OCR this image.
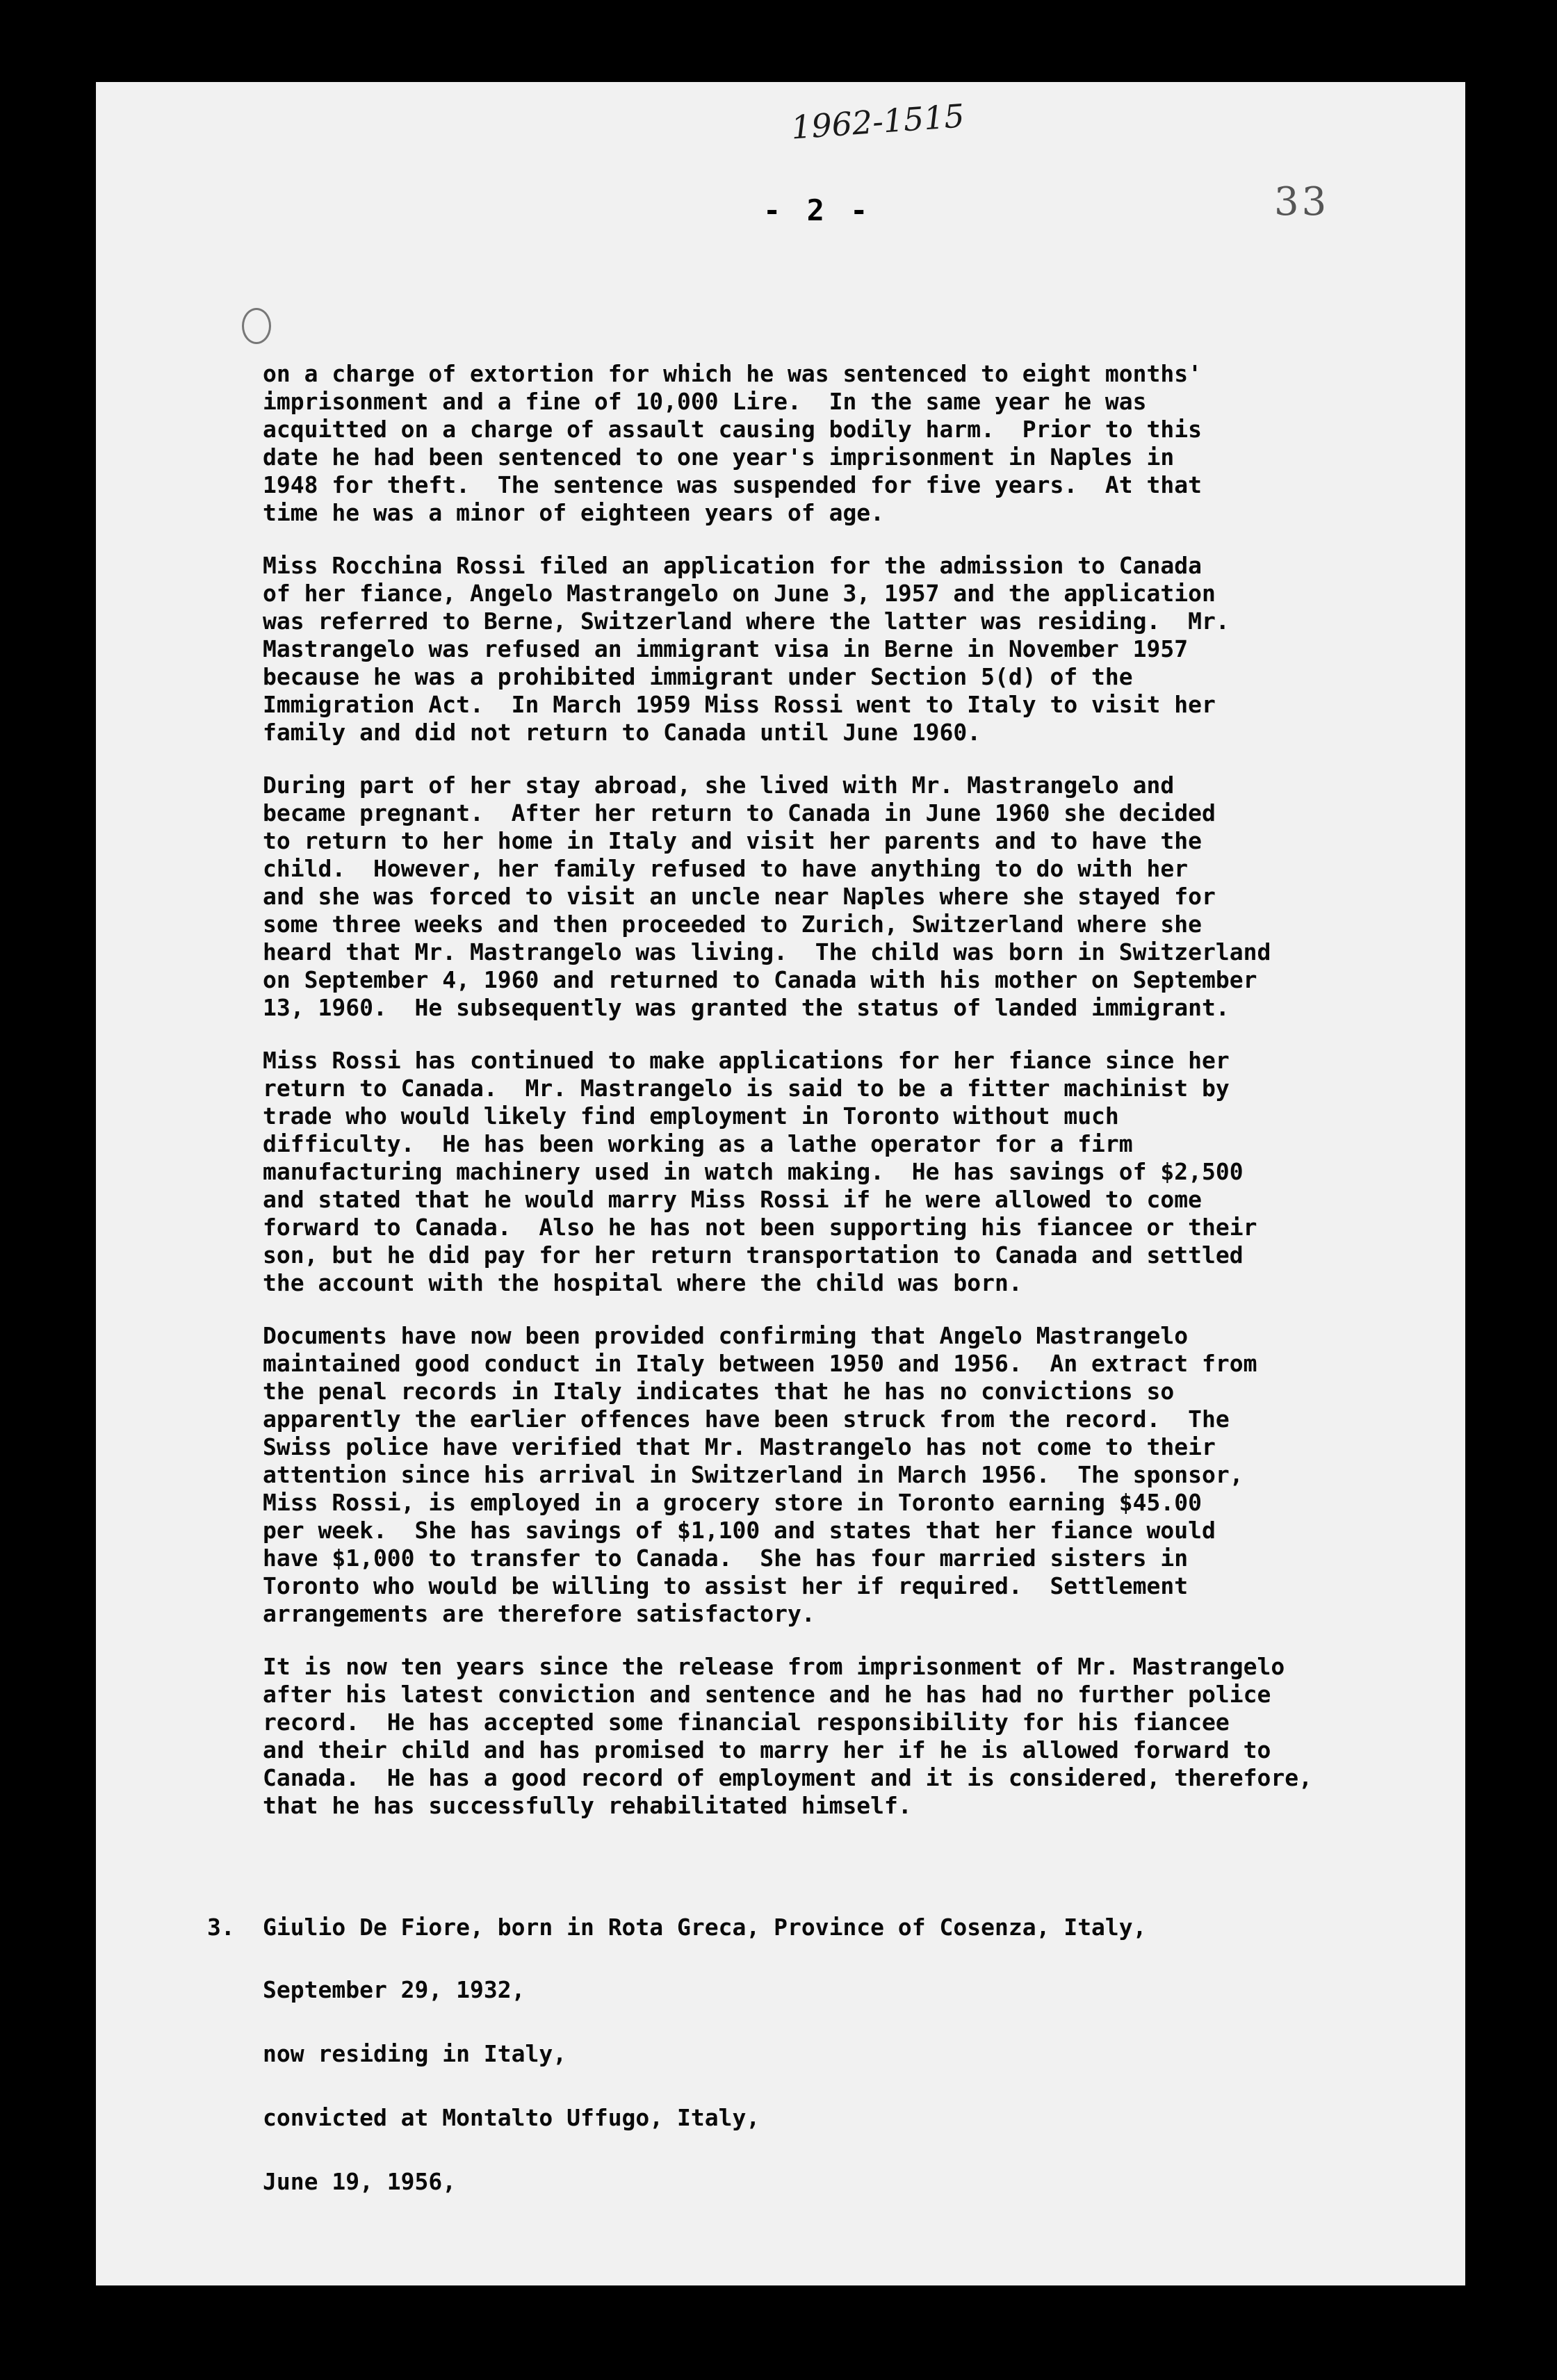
1962-1515
- 2 -	33

on a charge of extortion for which he was sentenced to eight months'
imprisonment and a fine of 10,000 Lire.  In the same year he was
acquitted on a charge of assault causing bodily harm.  Prior to this
date he had been sentenced to one year's imprisonment in Naples in
1948 for theft.  The sentence was suspended for five years.  At that
time he was a minor of eighteen years of age.

Miss Rocchina Rossi filed an application for the admission to Canada
of her fiance, Angelo Mastrangelo on June 3, 1957 and the application
was referred to Berne, Switzerland where the latter was residing.  Mr.
Mastrangelo was refused an immigrant visa in Berne in November 1957
because he was a prohibited immigrant under Section 5(d) of the
Immigration Act.  In March 1959 Miss Rossi went to Italy to visit her
family and did not return to Canada until June 1960.

During part of her stay abroad, she lived with Mr. Mastrangelo and
became pregnant.  After her return to Canada in June 1960 she decided
to return to her home in Italy and visit her parents and to have the
child.  However, her family refused to have anything to do with her
and she was forced to visit an uncle near Naples where she stayed for
some three weeks and then proceeded to Zurich, Switzerland where she
heard that Mr. Mastrangelo was living.  The child was born in Switzerland
on September 4, 1960 and returned to Canada with his mother on September
13, 1960.  He subsequently was granted the status of landed immigrant.

Miss Rossi has continued to make applications for her fiance since her
return to Canada.  Mr. Mastrangelo is said to be a fitter machinist by
trade who would likely find employment in Toronto without much
difficulty.  He has been working as a lathe operator for a firm
manufacturing machinery used in watch making.  He has savings of $2,500
and stated that he would marry Miss Rossi if he were allowed to come
forward to Canada.  Also he has not been supporting his fiancee or their
son, but he did pay for her return transportation to Canada and settled
the account with the hospital where the child was born.

Documents have now been provided confirming that Angelo Mastrangelo
maintained good conduct in Italy between 1950 and 1956.  An extract from
the penal records in Italy indicates that he has no convictions so
apparently the earlier offences have been struck from the record.  The
Swiss police have verified that Mr. Mastrangelo has not come to their
attention since his arrival in Switzerland in March 1956.  The sponsor,
Miss Rossi, is employed in a grocery store in Toronto earning $45.00
per week.  She has savings of $1,100 and states that her fiance would
have $1,000 to transfer to Canada.  She has four married sisters in
Toronto who would be willing to assist her if required.  Settlement
arrangements are therefore satisfactory.

It is now ten years since the release from imprisonment of Mr. Mastrangelo
after his latest conviction and sentence and he has had no further police
record.  He has accepted some financial responsibility for his fiancee
and their child and has promised to marry her if he is allowed forward to
Canada.  He has a good record of employment and it is considered, therefore,
that he has successfully rehabilitated himself.

3.	Giulio De Fiore, born in Rota Greca, Province of Cosenza, Italy,
September 29, 1932,
now residing in Italy,
convicted at Montalto Uffugo, Italy,
June 19, 1956,
